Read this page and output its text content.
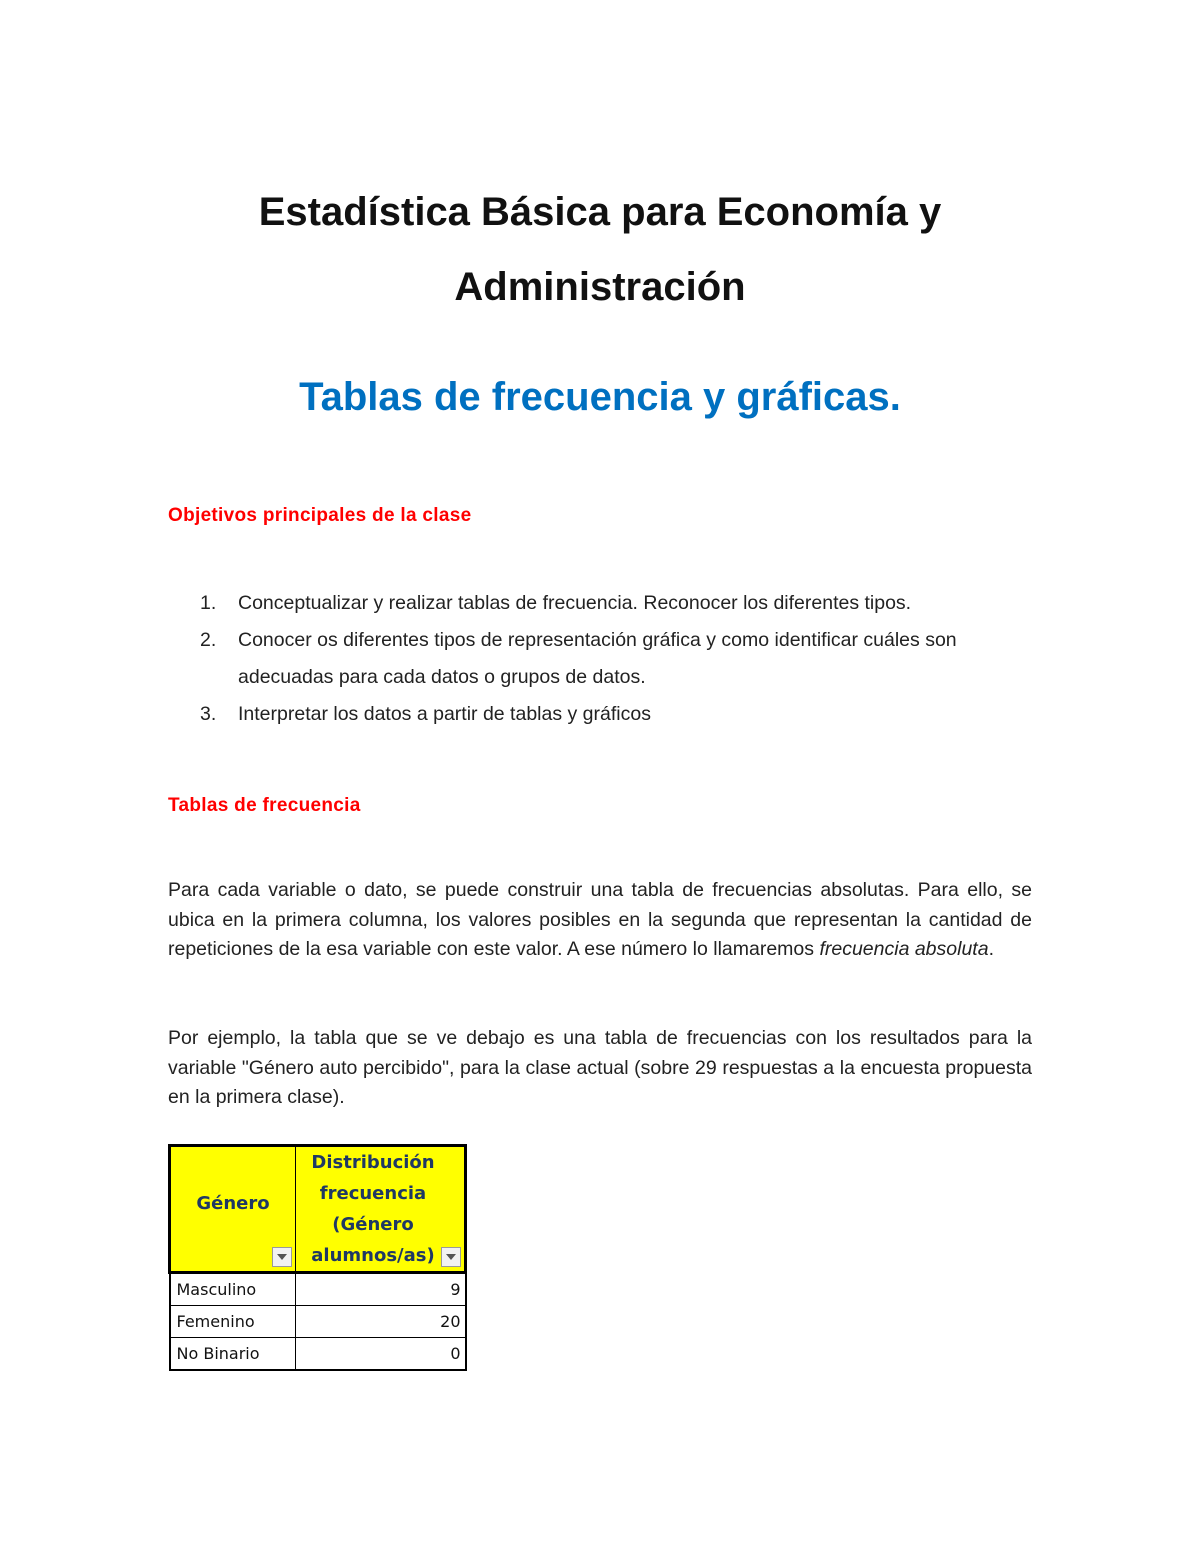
Estadística Básica para Economía y
Administración
Tablas de frecuencia y gráficas.
Objetivos principales de la clase
1. Conceptualizar y realizar tablas de frecuencia. Reconocer los diferentes tipos.
2. Conocer os diferentes tipos de representación gráfica y como identificar cuáles son adecuadas para cada datos o grupos de datos.
3. Interpretar los datos a partir de tablas y gráficos
Tablas de frecuencia

Para cada variable o dato, se puede construir una tabla de frecuencias absolutas. Para ello, se ubica en la primera columna, los valores posibles en la segunda que representan la cantidad de repeticiones de la esa variable con este valor. A ese número lo llamaremos frecuencia absoluta.

Por ejemplo, la tabla que se ve debajo es una tabla de frecuencias con los resultados para la variable "Género auto percibido", para la clase actual (sobre 29 respuestas a la encuesta propuesta en la primera clase).

Género	Distribución frecuencia (Género alumnos/as)

Masculino	9
Femenino	20
No Binario	0
